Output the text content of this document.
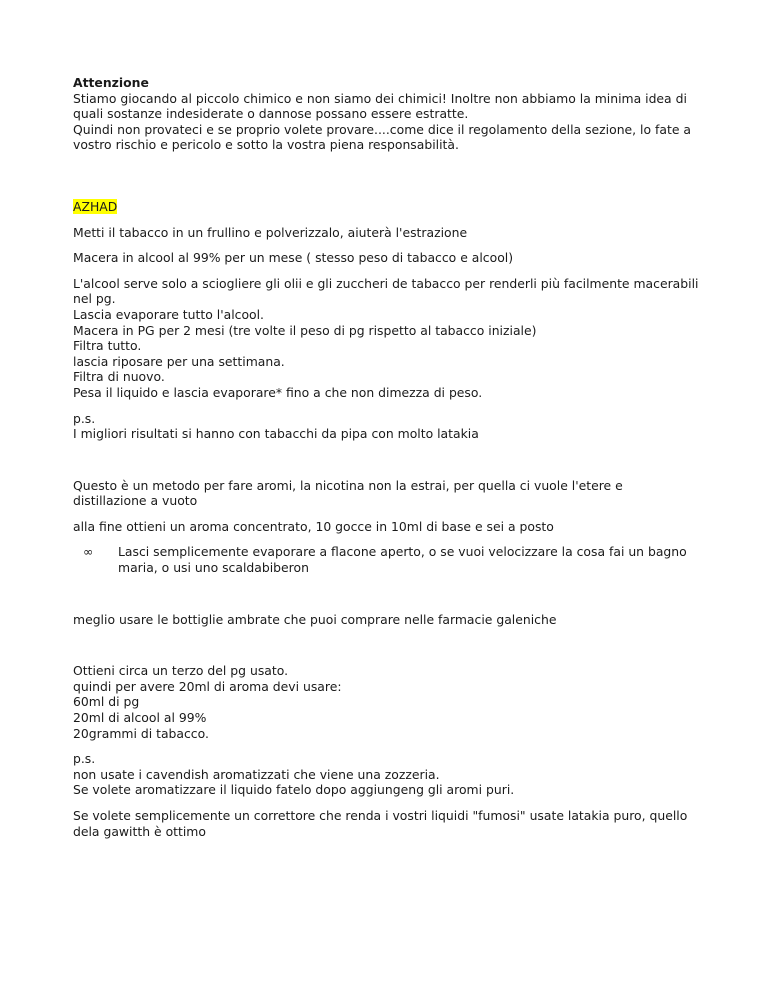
Attenzione
Stiamo giocando al piccolo chimico e non siamo dei chimici! Inoltre non abbiamo la minima idea di
quali sostanze indesiderate o dannose possano essere estratte.
Quindi non provateci e se proprio volete provare....come dice il regolamento della sezione, lo fate a
vostro rischio e pericolo e sotto la vostra piena responsabilità.
AZHAD
Metti il tabacco in un frullino e polverizzalo, aiuterà l'estrazione
Macera in alcool al 99% per un mese ( stesso peso di tabacco e alcool)
L'alcool serve solo a sciogliere gli olii e gli zuccheri de tabacco per renderli più facilmente macerabili
nel pg.
Lascia evaporare tutto l'alcool.
Macera in PG per 2 mesi (tre volte il peso di pg rispetto al tabacco iniziale)
Filtra tutto.
lascia riposare per una settimana.
Filtra di nuovo.
Pesa il liquido e lascia evaporare* fino a che non dimezza di peso.
p.s.
I migliori risultati si hanno con tabacchi da pipa con molto latakia
Questo è un metodo per fare aromi, la nicotina non la estrai, per quella ci vuole l'etere e
distillazione a vuoto
alla fine ottieni un aroma concentrato, 10 gocce in 10ml di base e sei a posto
∞	Lasci semplicemente evaporare a flacone aperto, o se vuoi velocizzare la cosa fai un bagno
maria, o usi uno scaldabiberon
meglio usare le bottiglie ambrate che puoi comprare nelle farmacie galeniche
Ottieni circa un terzo del pg usato.
quindi per avere 20ml di aroma devi usare:
60ml di pg
20ml di alcool al 99%
20grammi di tabacco.
p.s.
non usate i cavendish aromatizzati che viene una zozzeria.
Se volete aromatizzare il liquido fatelo dopo aggiungeng gli aromi puri.
Se volete semplicemente un correttore che renda i vostri liquidi "fumosi" usate latakia puro, quello
dela gawitth è ottimo
